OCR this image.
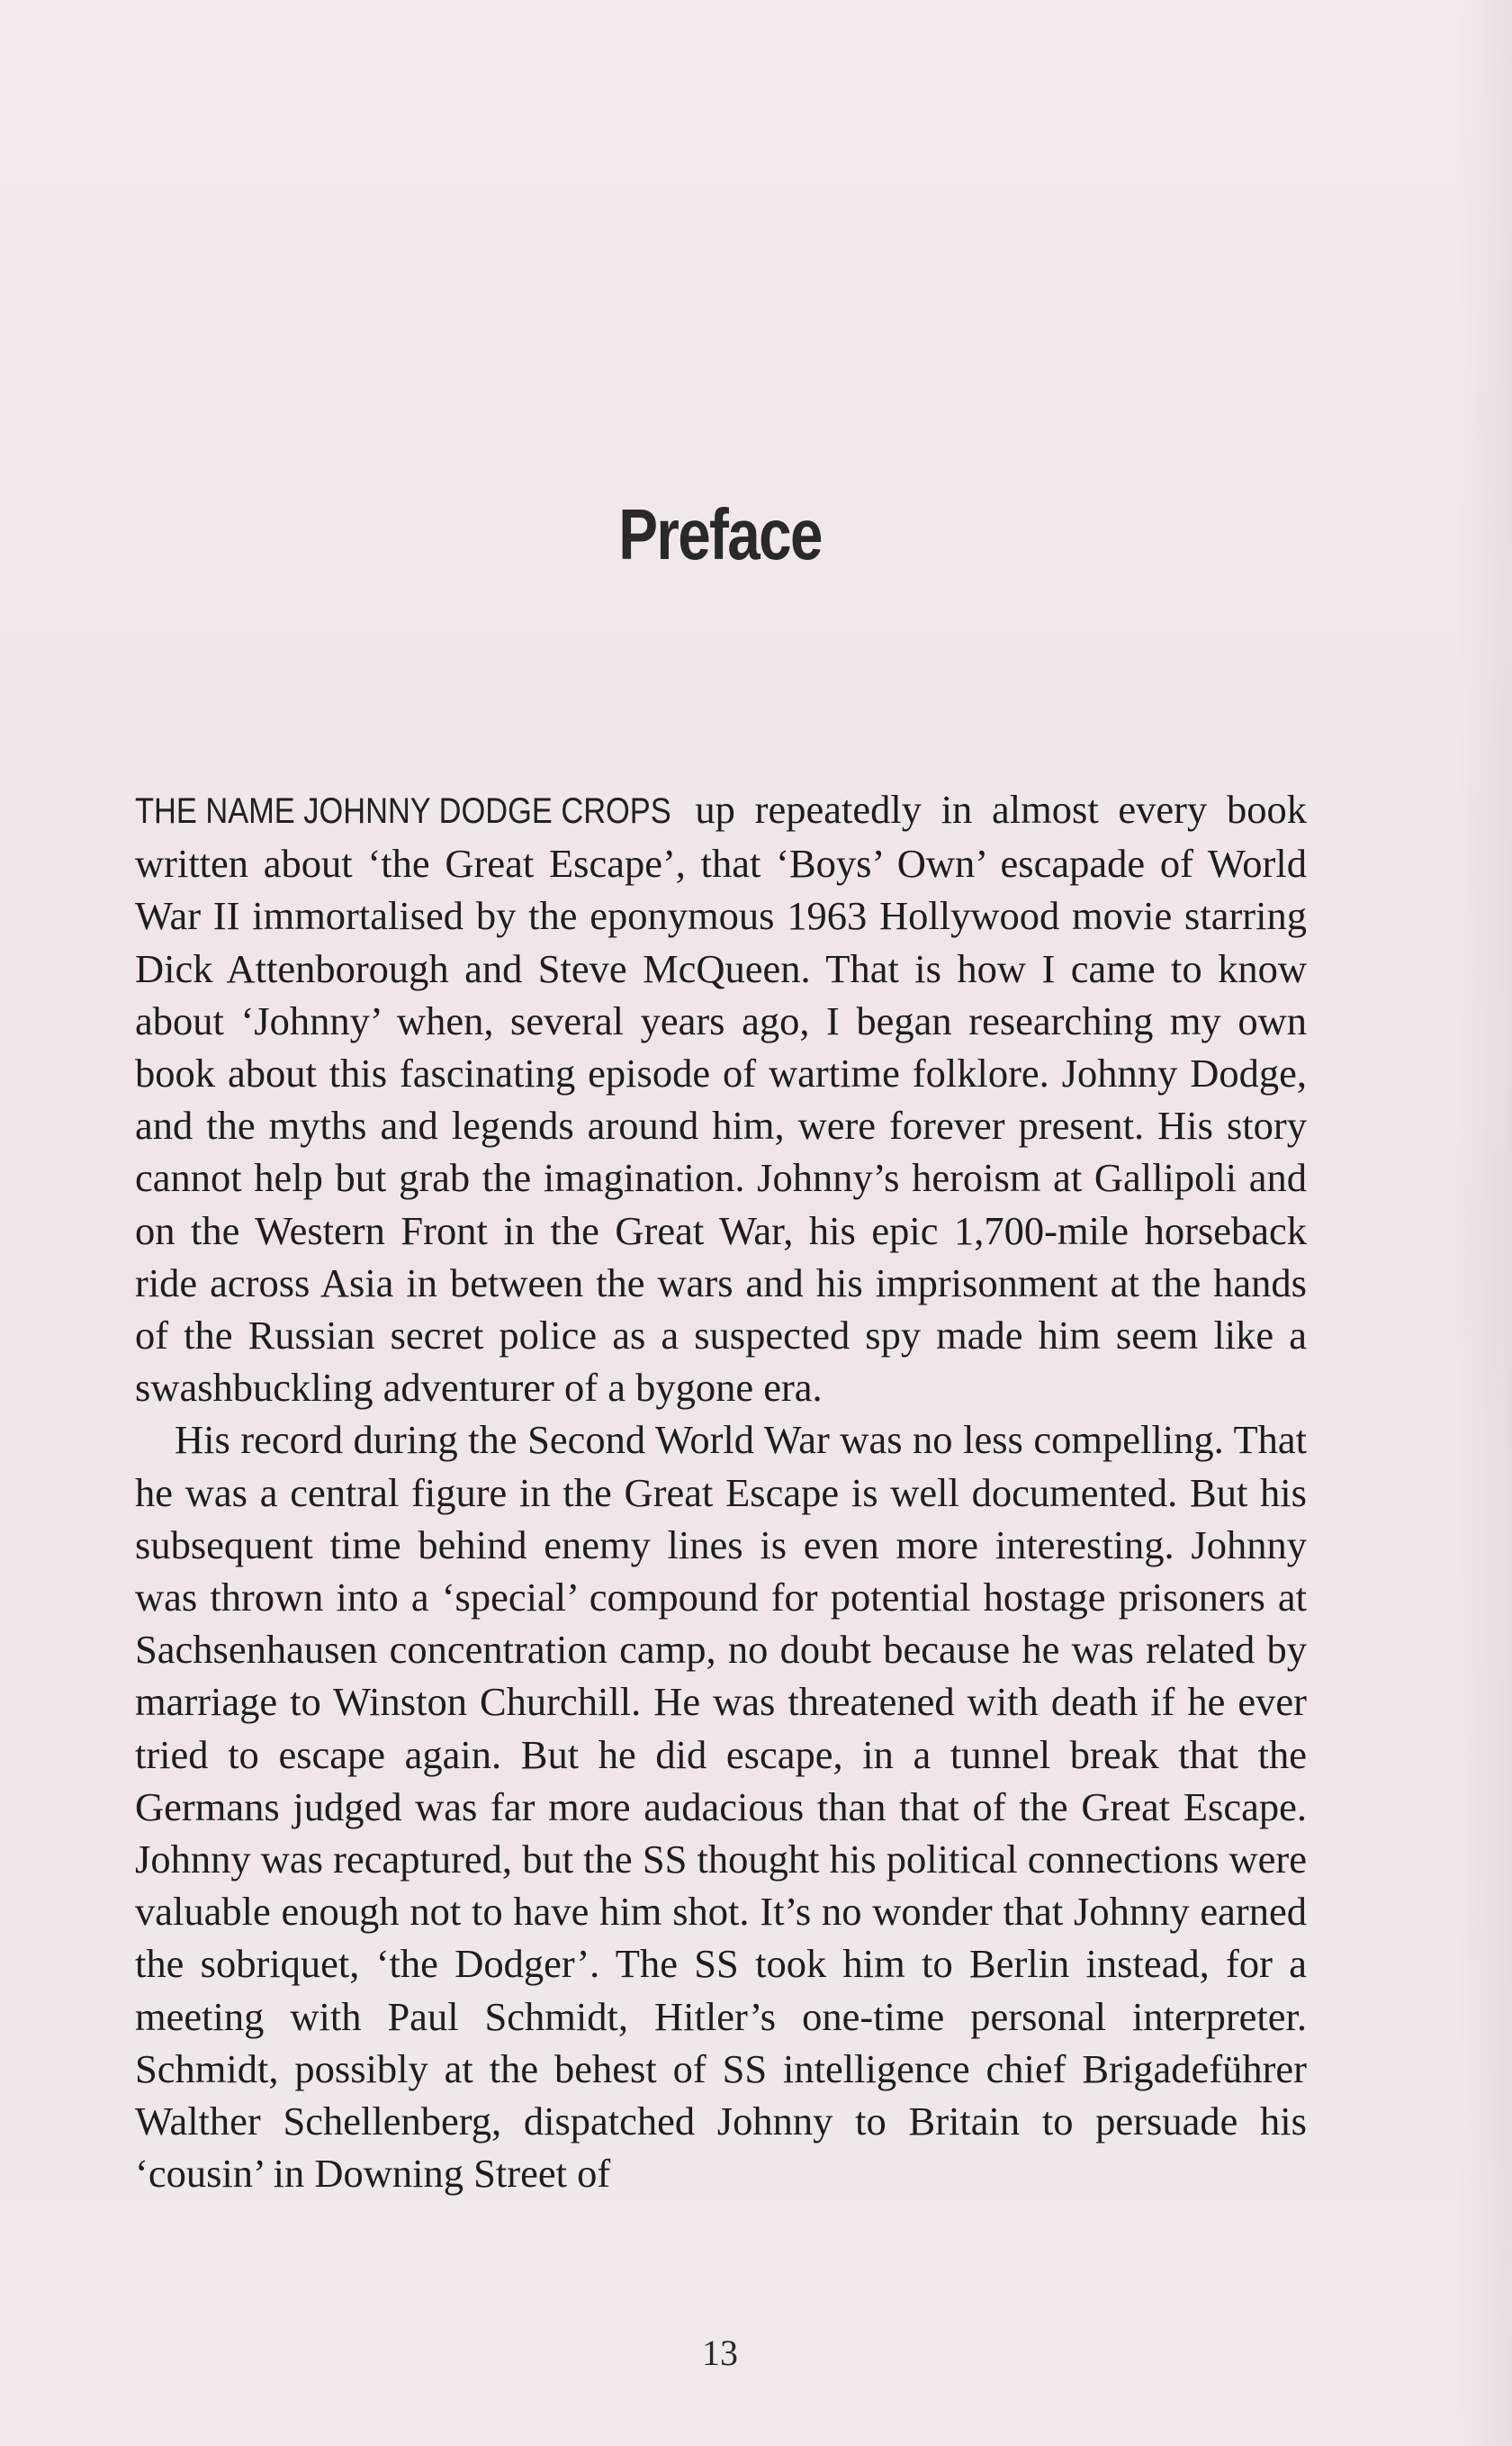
Preface

THE NAME JOHNNY DODGE CROPS up repeatedly in almost every book written about ‘the Great Escape’, that ‘Boys’ Own’ escapade of World War II immortalised by the eponymous 1963 Hollywood movie starring Dick Attenborough and Steve McQueen. That is how I came to know about ‘Johnny’ when, several years ago, I began researching my own book about this fascinating episode of wartime folklore. Johnny Dodge, and the myths and legends around him, were forever present. His story cannot help but grab the imagination. Johnny’s heroism at Gallipoli and on the Western Front in the Great War, his epic 1,700-mile horseback ride across Asia in between the wars and his imprisonment at the hands of the Russian secret police as a suspected spy made him seem like a swashbuckling adventurer of a bygone era.

His record during the Second World War was no less compelling. That he was a central figure in the Great Escape is well documented. But his subsequent time behind enemy lines is even more interesting. Johnny was thrown into a ‘special’ compound for potential hostage prisoners at Sachsenhausen concentration camp, no doubt because he was related by marriage to Winston Churchill. He was threatened with death if he ever tried to escape again. But he did escape, in a tunnel break that the Germans judged was far more audacious than that of the Great Escape. Johnny was recaptured, but the SS thought his political connections were valuable enough not to have him shot. It’s no wonder that Johnny earned the sobriquet, ‘the Dodger’. The SS took him to Berlin instead, for a meeting with Paul Schmidt, Hitler’s one-time personal interpreter. Schmidt, possibly at the behest of SS intelligence chief Brigadeführer Walther Schellenberg, dispatched Johnny to Britain to persuade his ‘cousin’ in Downing Street of

13
